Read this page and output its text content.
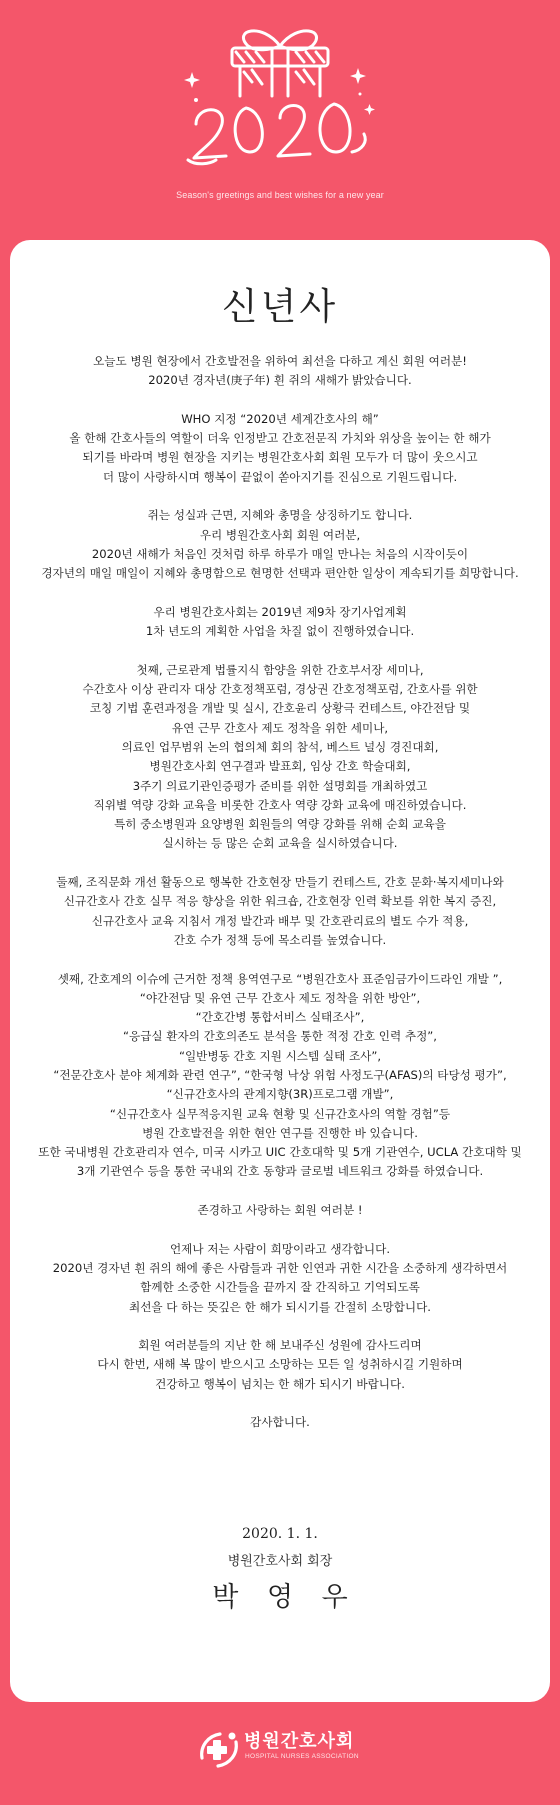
Season's greetings and best wishes for a new year
신년사
오늘도 병원 현장에서 간호발전을 위하여 최선을 다하고 계신 회원 여러분!
2020년 경자년(庚子年) 흰 쥐의 새해가 밝았습니다.
WHO 지정 “2020년 세계간호사의 해”
올 한해 간호사들의 역할이 더욱 인정받고 간호전문직 가치와 위상을 높이는 한 해가
되기를 바라며 병원 현장을 지키는 병원간호사회 회원 모두가 더 많이 웃으시고
더 많이 사랑하시며 행복이 끝없이 쏟아지기를 진심으로 기원드립니다.
쥐는 성실과 근면, 지혜와 총명을 상징하기도 합니다.
우리 병원간호사회 회원 여러분,
2020년 새해가 처음인 것처럼 하루 하루가 매일 만나는 처음의 시작이듯이
경자년의 매일 매일이 지혜와 총명함으로 현명한 선택과 편안한 일상이 계속되기를 희망합니다.
우리 병원간호사회는 2019년 제9차 장기사업계획
1차 년도의 계획한 사업을 차질 없이 진행하였습니다.
첫째, 근로관계 법률지식 함양을 위한 간호부서장 세미나,
수간호사 이상 관리자 대상 간호정책포럼, 경상권 간호정책포럼, 간호사를 위한
코칭 기법 훈련과정을 개발 및 실시, 간호윤리 상황극 컨테스트, 야간전담 및
유연 근무 간호사 제도 정착을 위한 세미나,
의료인 업무범위 논의 협의체 회의 참석, 베스트 널싱 경진대회,
병원간호사회 연구결과 발표회, 임상 간호 학술대회,
3주기 의료기관인증평가 준비를 위한 설명회를 개최하였고
직위별 역량 강화 교육을 비롯한 간호사 역량 강화 교육에 매진하였습니다.
특히 중소병원과 요양병원 회원들의 역량 강화를 위해 순회 교육을
실시하는 등 많은 순회 교육을 실시하였습니다.
둘째, 조직문화 개선 활동으로 행복한 간호현장 만들기 컨테스트, 간호 문화·복지세미나와
신규간호사 간호 실무 적응 향상을 위한 워크숍, 간호현장 인력 확보를 위한 복지 증진,
신규간호사 교육 지침서 개정 발간과 배부 및 간호관리료의 별도 수가 적용,
간호 수가 정책 등에 목소리를 높였습니다.
셋째, 간호계의 이슈에 근거한 정책 용역연구로 “병원간호사 표준임금가이드라인 개발 ”,
“야간전담 및 유연 근무 간호사 제도 정착을 위한 방안”,
“간호간병 통합서비스 실태조사”,
“응급실 환자의 간호의존도 분석을 통한 적정 간호 인력 추정”,
“일반병동 간호 지원 시스템 실태 조사”,
“전문간호사 분야 체계화 관련 연구”, “한국형 낙상 위험 사정도구(AFAS)의 타당성 평가”,
“신규간호사의 관계지향(3R)프로그램 개발”,
“신규간호사 실무적응지원 교육 현황 및 신규간호사의 역할 경험”등
병원 간호발전을 위한 현안 연구를 진행한 바 있습니다.
또한 국내병원 간호관리자 연수, 미국 시카고 UIC 간호대학 및 5개 기관연수, UCLA 간호대학 및
3개 기관연수 등을 통한 국내외 간호 동향과 글로벌 네트워크 강화를 하였습니다.
존경하고 사랑하는 회원 여러분 !
언제나 저는 사람이 희망이라고 생각합니다.
2020년 경자년 흰 쥐의 해에 좋은 사람들과 귀한 인연과 귀한 시간을 소중하게 생각하면서
함께한 소중한 시간들을 끝까지 잘 간직하고 기억되도록
최선을 다 하는 뜻깊은 한 해가 되시기를 간절히 소망합니다.
회원 여러분들의 지난 한 해 보내주신 성원에 감사드리며
다시 한번, 새해 복 많이 받으시고 소망하는 모든 일 성취하시길 기원하며
건강하고 행복이 넘치는 한 해가 되시기 바랍니다.
감사합니다.
2020. 1. 1.
병원간호사회 회장
박 영 우
병원간호사회
HOSPITAL NURSES ASSOCIATION
